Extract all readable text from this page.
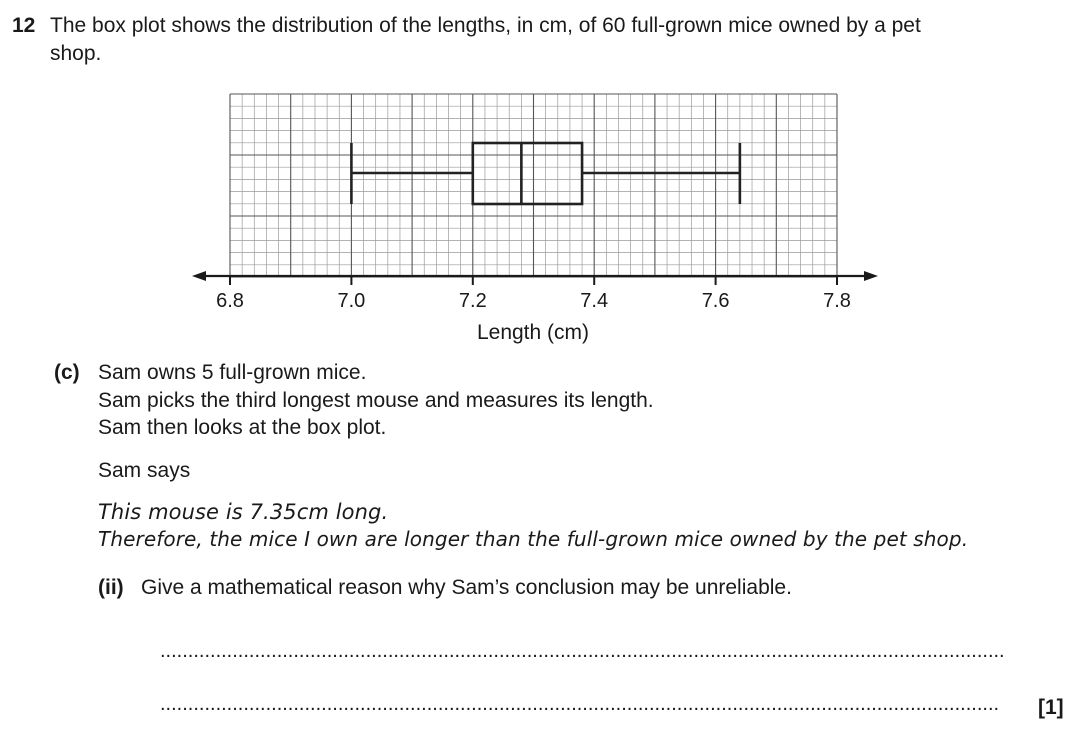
12 The box plot shows the distribution of the lengths, in cm, of 60 full-grown mice owned by a pet
shop.
6.8	7.0	7.2	7.4	7.6	7.8
Length (cm)
(c) Sam owns 5 full-grown mice.
Sam picks the third longest mouse and measures its length.
Sam then looks at the box plot.
Sam says
This mouse is 7.35cm long.
Therefore, the mice I own are longer than the full-grown mice owned by the pet shop.
(ii) Give a mathematical reason why Sam’s conclusion may be unreliable.
........................................................................................................................................................
.......................................................................................................................................................	[1]
